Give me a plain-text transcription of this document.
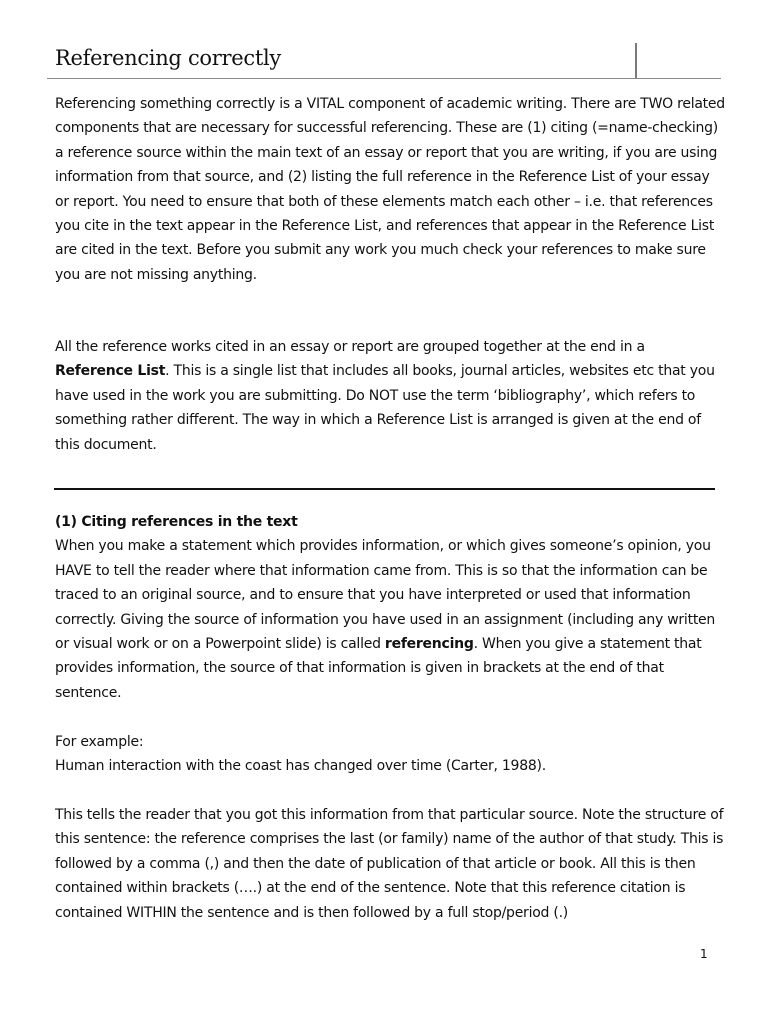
Referencing correctly

Referencing something correctly is a VITAL component of academic writing. There are TWO related components that are necessary for successful referencing. These are (1) citing (=name-checking) a reference source within the main text of an essay or report that you are writing, if you are using information from that source, and (2) listing the full reference in the Reference List of your essay or report. You need to ensure that both of these elements match each other – i.e. that references you cite in the text appear in the Reference List, and references that appear in the Reference List are cited in the text. Before you submit any work you much check your references to make sure you are not missing anything.

All the reference works cited in an essay or report are grouped together at the end in a Reference List. This is a single list that includes all books, journal articles, websites etc that you have used in the work you are submitting. Do NOT use the term ‘bibliography’, which refers to something rather different. The way in which a Reference List is arranged is given at the end of this document.

(1) Citing references in the text
When you make a statement which provides information, or which gives someone’s opinion, you HAVE to tell the reader where that information came from. This is so that the information can be traced to an original source, and to ensure that you have interpreted or used that information correctly. Giving the source of information you have used in an assignment (including any written or visual work or on a Powerpoint slide) is called referencing. When you give a statement that provides information, the source of that information is given in brackets at the end of that sentence.

For example:
Human interaction with the coast has changed over time (Carter, 1988).

This tells the reader that you got this information from that particular source. Note the structure of this sentence: the reference comprises the last (or family) name of the author of that study. This is followed by a comma (,) and then the date of publication of that article or book. All this is then contained within brackets (….) at the end of the sentence. Note that this reference citation is contained WITHIN the sentence and is then followed by a full stop/period (.)

1
